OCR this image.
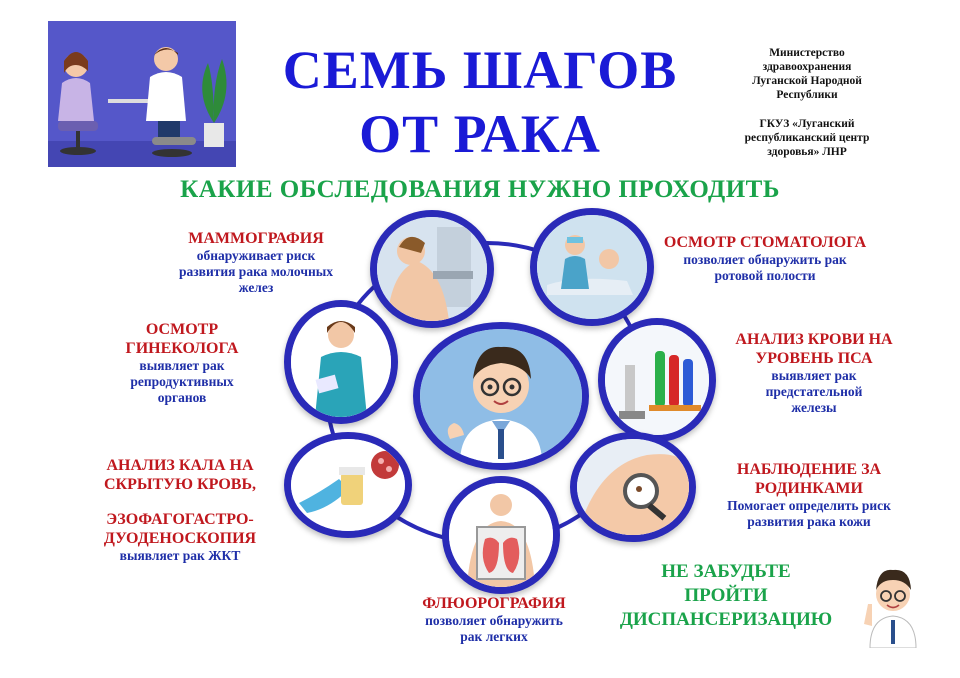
СЕМЬ ШАГОВ
ОТ РАКА
Министерство
здравоохранения
Луганской Народной
Республики
ГКУЗ «Луганский
республиканский центр
здоровья» ЛНР
КАКИЕ ОБСЛЕДОВАНИЯ НУЖНО ПРОХОДИТЬ
МАММОГРАФИЯ
обнаруживает риск
развития рака молочных
желез
ОСМОТР СТОМАТОЛОГА
позволяет обнаружить рак
ротовой полости
ОСМОТР
ГИНЕКОЛОГА
выявляет рак
репродуктивных
органов
АНАЛИЗ КРОВИ НА
УРОВЕНЬ ПСА
выявляет рак
предстательной
железы
АНАЛИЗ КАЛА НА
СКРЫТУЮ КРОВЬ,
ЭЗОФАГОГАСТРО-
ДУОДЕНОСКОПИЯ
выявляет рак ЖКТ
НАБЛЮДЕНИЕ ЗА
РОДИНКАМИ
Помогает определить риск
развития рака кожи
ФЛЮОРОГРАФИЯ
позволяет обнаружить
рак легких
НЕ ЗАБУДЬТЕ
ПРОЙТИ
ДИСПАНСЕРИЗАЦИЮ
